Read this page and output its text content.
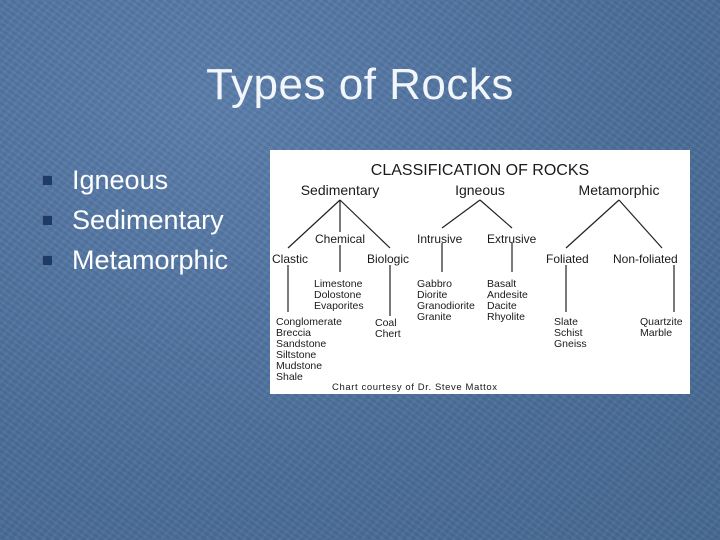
Types of Rocks
Igneous
Sedimentary
Metamorphic
CLASSIFICATION OF ROCKS
Sedimentary	Igneous	Metamorphic
Chemical
Clastic	Biologic
Intrusive Extrusive
Foliated Non-foliated
Limestone
Dolostone
Evaporites
Conglomerate
Breccia
Sandstone
Siltstone
Mudstone
Shale
Coal
Chert
Gabbro
Diorite
Granodiorite
Granite
Basalt
Andesite
Dacite
Rhyolite	Slate
Schist
Gneiss
Quartzite
Marble
Chart courtesy of Dr. Steve Mattox
